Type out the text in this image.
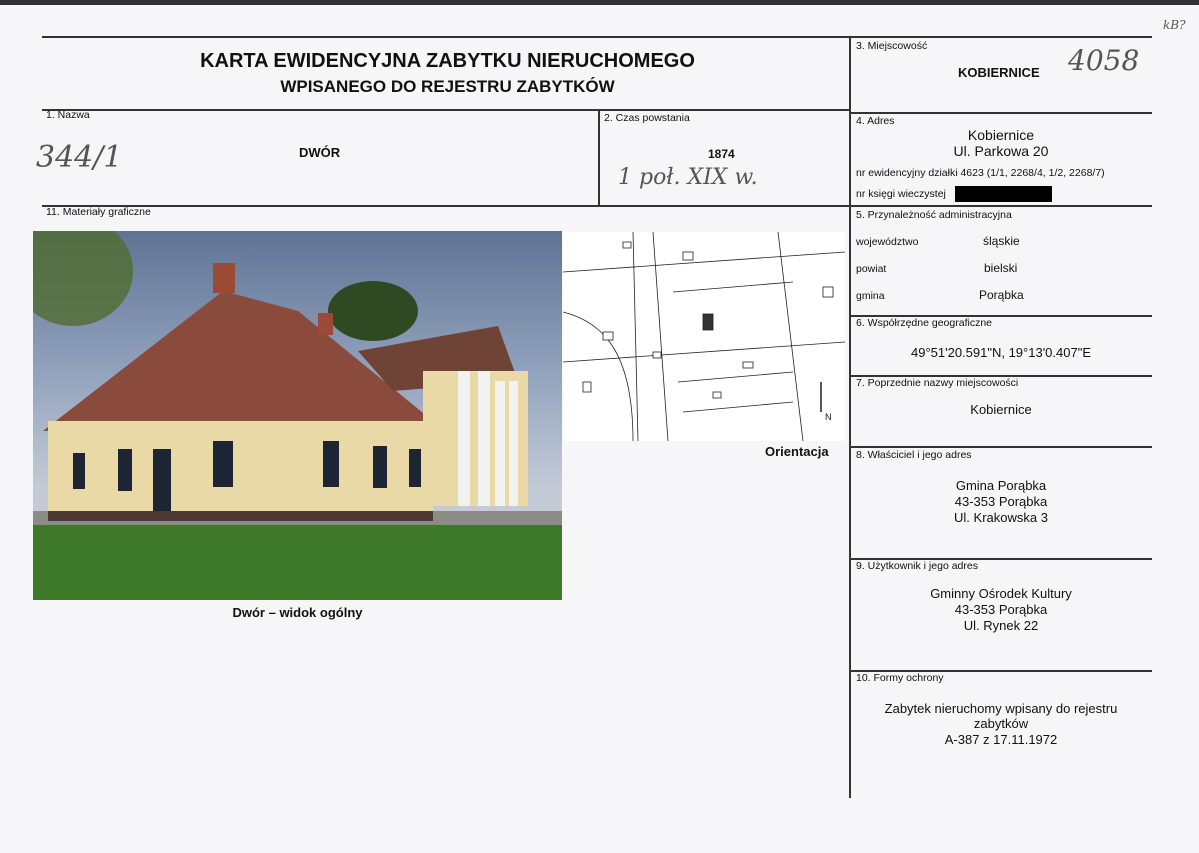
KARTA EWIDENCYJNA ZABYTKU NIERUCHOMEGO
WPISANEGO DO REJESTRU ZABYTKÓW
kB?
3. Miejscowość
KOBIERNICE 4058
1. Nazwa
DWÓR
344/1
2. Czas powstania
1874
1 poł. XIX w.
4. Adres
Kobiernice
Ul. Parkowa 20
nr ewidencyjny działki 4623 (1/1, 2268/4, 1/2, 2268/7)
nr księgi wieczystej
11. Materiały graficzne
Dwór – widok ogólny
N
Orientacja
5. Przynależność administracyjna
województwo	śląskie
powiat	bielski
gmina	Porąbka
6. Współrzędne geograficzne
49°51'20.591"N, 19°13'0.407"E
7. Poprzednie nazwy miejscowości
Kobiernice
8. Właściciel i jego adres
Gmina Porąbka
43-353 Porąbka
Ul. Krakowska 3
9. Użytkownik i jego adres
Gminny Ośrodek Kultury
43-353 Porąbka
Ul. Rynek 22
10. Formy ochrony
Zabytek nieruchomy wpisany do rejestru
zabytków
A-387 z 17.11.1972
